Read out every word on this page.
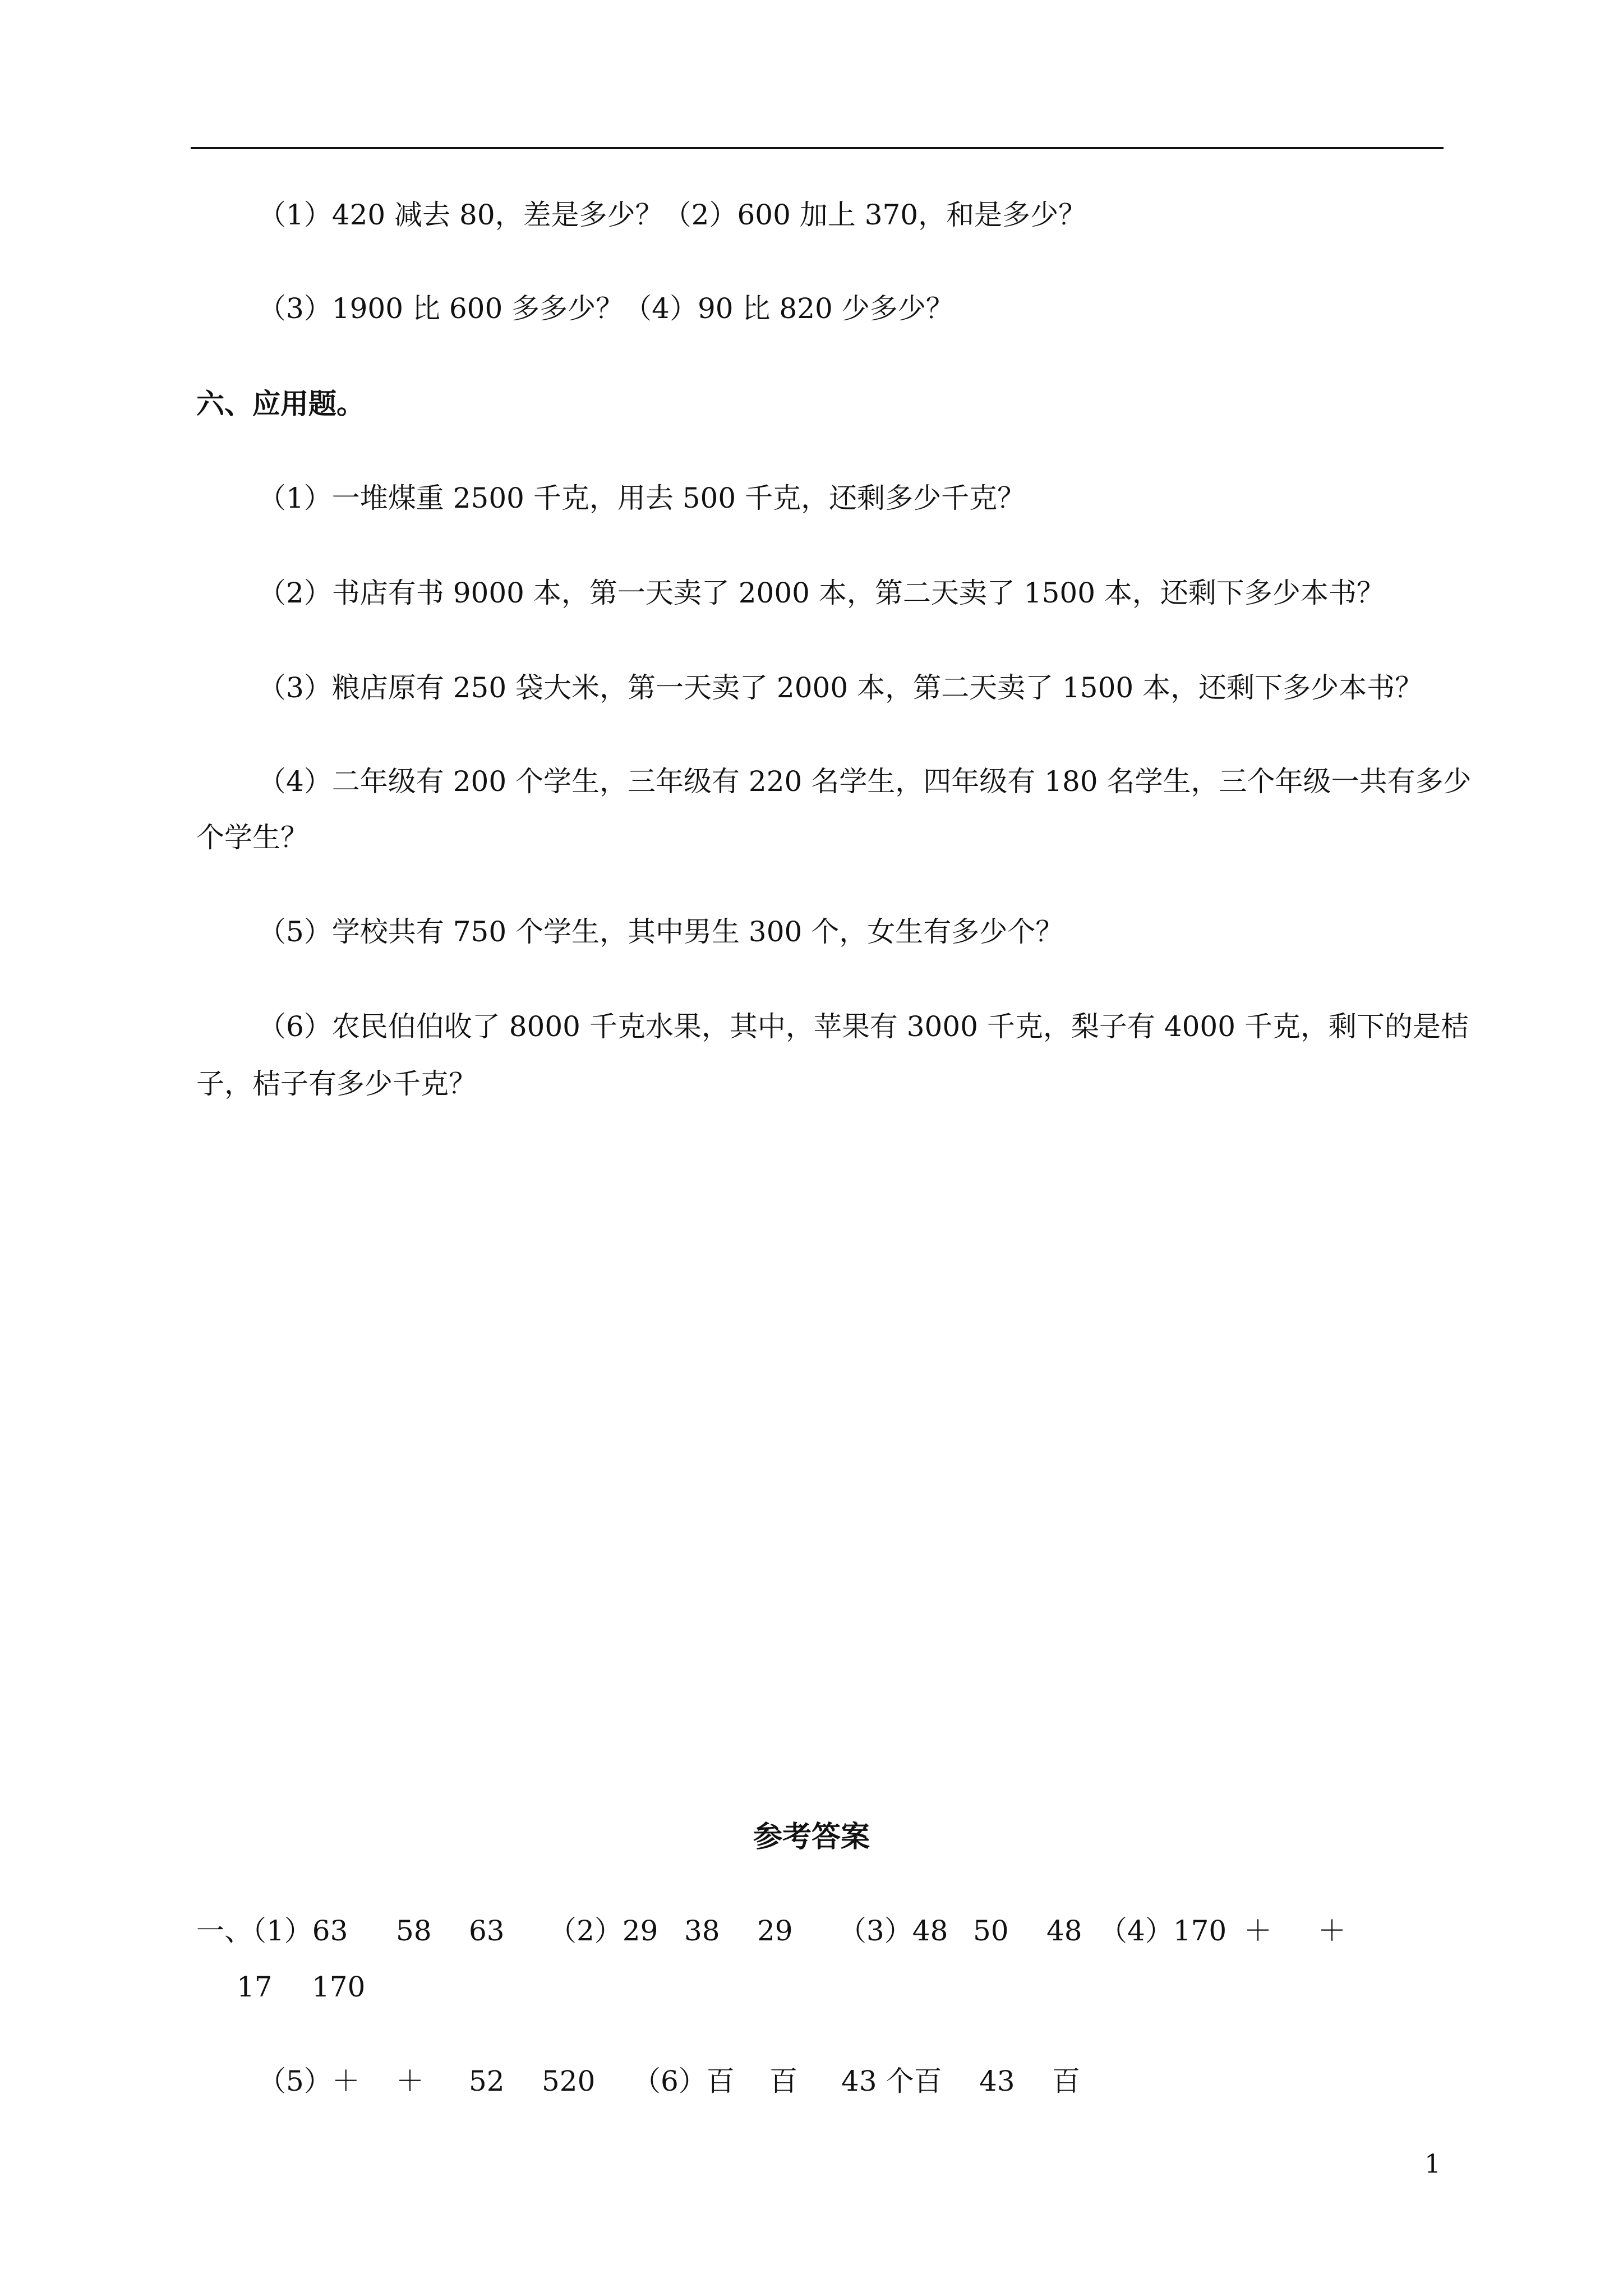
（1）420 减去 80，差是多少？（2）600 加上 370，和是多少？
（3）1900 比 600 多多少？（4）90 比 820 少多少？
六、应用题。
（1）一堆煤重 2500 千克，用去 500 千克，还剩多少千克？
（2）书店有书 9000 本，第一天卖了 2000 本，第二天卖了 1500 本，还剩下多少本书？
（3）粮店原有 250 袋大米，第一天卖了 2000 本，第二天卖了 1500 本，还剩下多少本书？
（4）二年级有 200 个学生，三年级有 220 名学生，四年级有 180 名学生，三个年级一共有多少
个学生？
（5）学校共有 750 个学生，其中男生 300 个，女生有多少个？
（6）农民伯伯收了 8000 千克水果，其中，苹果有 3000 千克，梨子有 4000 千克，剩下的是桔
子，桔子有多少千克？
参考答案
一、（1）63 58 63 （2）29 38 29 （3）48 50 48 （4）170 ＋ ＋
17 170
（5）＋ ＋ 52 520 （6）百 百 43 个百 43 百
1
